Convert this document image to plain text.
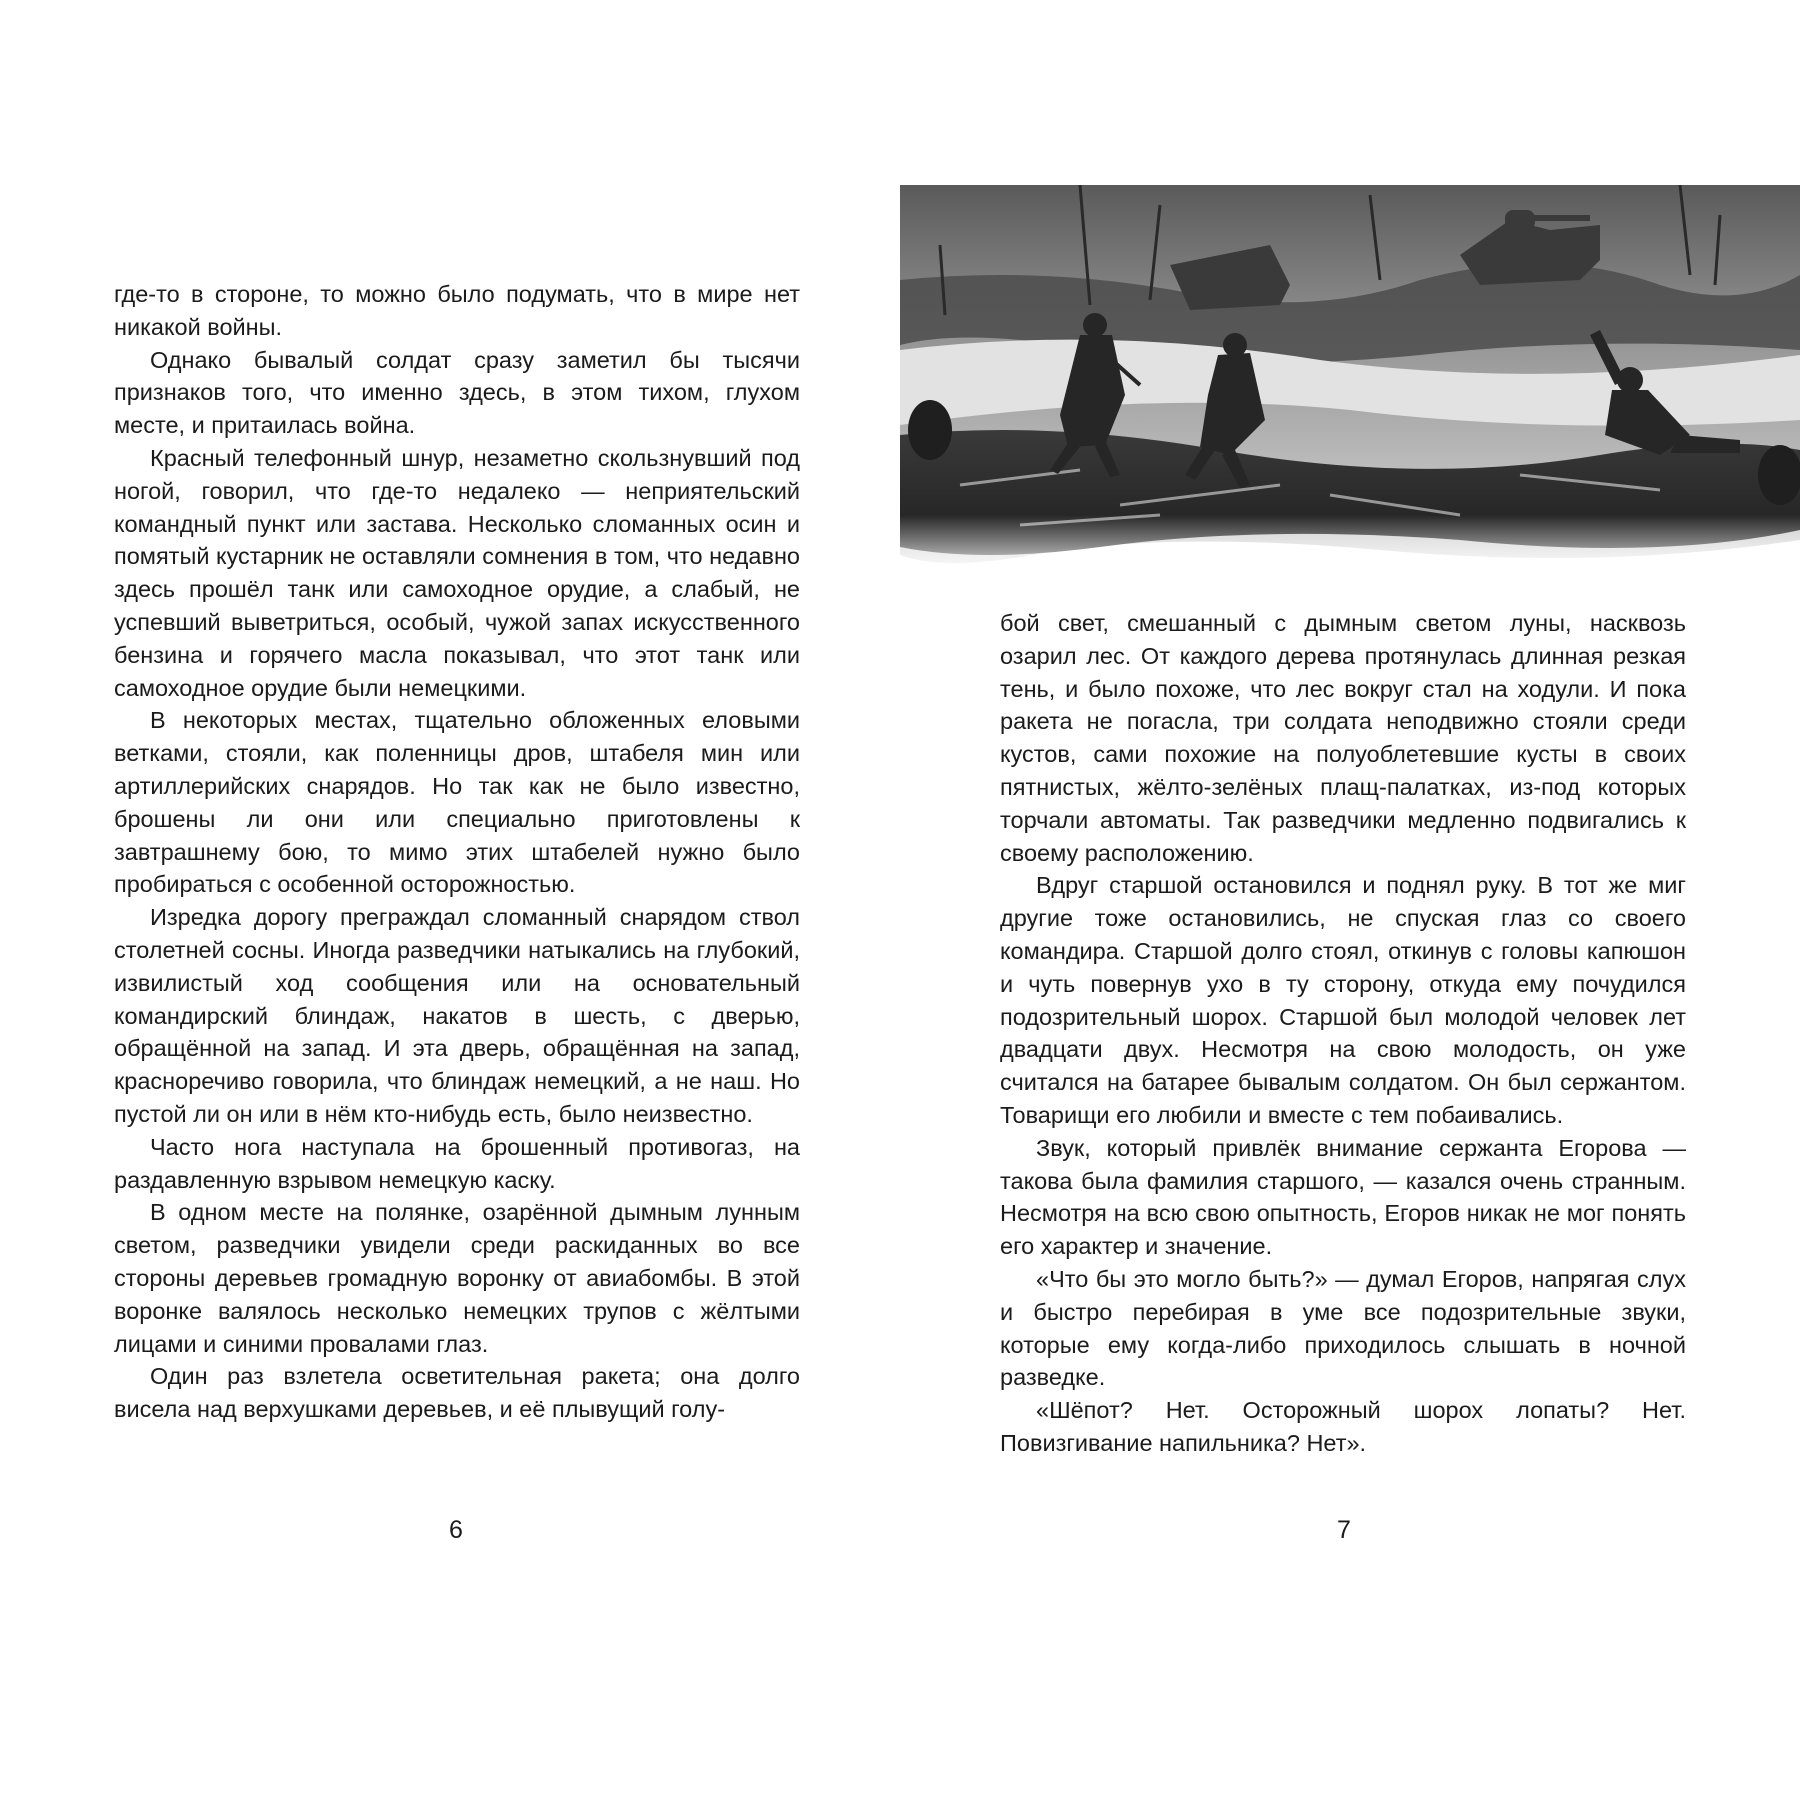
где-то в стороне, то можно было подумать, что в мире нет никакой войны.

Однако бывалый солдат сразу заметил бы тысячи признаков того, что именно здесь, в этом тихом, глухом месте, и притаилась война.

Красный телефонный шнур, незаметно скользнувший под ногой, говорил, что где-то недалеко — неприятельский командный пункт или застава. Несколько сломанных осин и помятый кустарник не оставляли сомнения в том, что недавно здесь прошёл танк или самоходное орудие, а слабый, не успевший выветриться, особый, чужой запах искусственного бензина и горячего масла показывал, что этот танк или самоходное орудие были немецкими.

В некоторых местах, тщательно обложенных еловыми ветками, стояли, как поленницы дров, штабеля мин или артиллерийских снарядов. Но так как не было известно, брошены ли они или специально приготовлены к завтрашнему бою, то мимо этих штабелей нужно было пробираться с особенной осторожностью.

Изредка дорогу преграждал сломанный снарядом ствол столетней сосны. Иногда разведчики натыкались на глубокий, извилистый ход сообщения или на основательный командирский блиндаж, накатов в шесть, с дверью, обращённой на запад. И эта дверь, обращённая на запад, красноречиво говорила, что блиндаж немецкий, а не наш. Но пустой ли он или в нём кто-нибудь есть, было неизвестно.

Часто нога наступала на брошенный противогаз, на раздавленную взрывом немецкую каску.

В одном месте на полянке, озарённой дымным лунным светом, разведчики увидели среди раскиданных во все стороны деревьев громадную воронку от авиабомбы. В этой воронке валялось несколько немецких трупов с жёлтыми лицами и синими провалами глаз.

Один раз взлетела осветительная ракета; она долго висела над верхушками деревьев, и её плывущий голу-

6

бой свет, смешанный с дымным светом луны, насквозь озарил лес. От каждого дерева протянулась длинная резкая тень, и было похоже, что лес вокруг стал на ходули. И пока ракета не погасла, три солдата неподвижно стояли среди кустов, сами похожие на полуоблетевшие кусты в своих пятнистых, жёлто-зелёных плащ-палатках, из-под которых торчали автоматы. Так разведчики медленно подвигались к своему расположению.

Вдруг старшой остановился и поднял руку. В тот же миг другие тоже остановились, не спуская глаз со своего командира. Старшой долго стоял, откинув с головы капюшон и чуть повернув ухо в ту сторону, откуда ему почудился подозрительный шорох. Старшой был молодой человек лет двадцати двух. Несмотря на свою молодость, он уже считался на батарее бывалым солдатом. Он был сержантом. Товарищи его любили и вместе с тем побаивались.

Звук, который привлёк внимание сержанта Егорова — такова была фамилия старшого, — казался очень странным. Несмотря на всю свою опытность, Егоров никак не мог понять его характер и значение.

«Что бы это могло быть?» — думал Егоров, напрягая слух и быстро перебирая в уме все подозрительные звуки, которые ему когда-либо приходилось слышать в ночной разведке.

«Шёпот? Нет. Осторожный шорох лопаты? Нет. Повизгивание напильника? Нет».

7
